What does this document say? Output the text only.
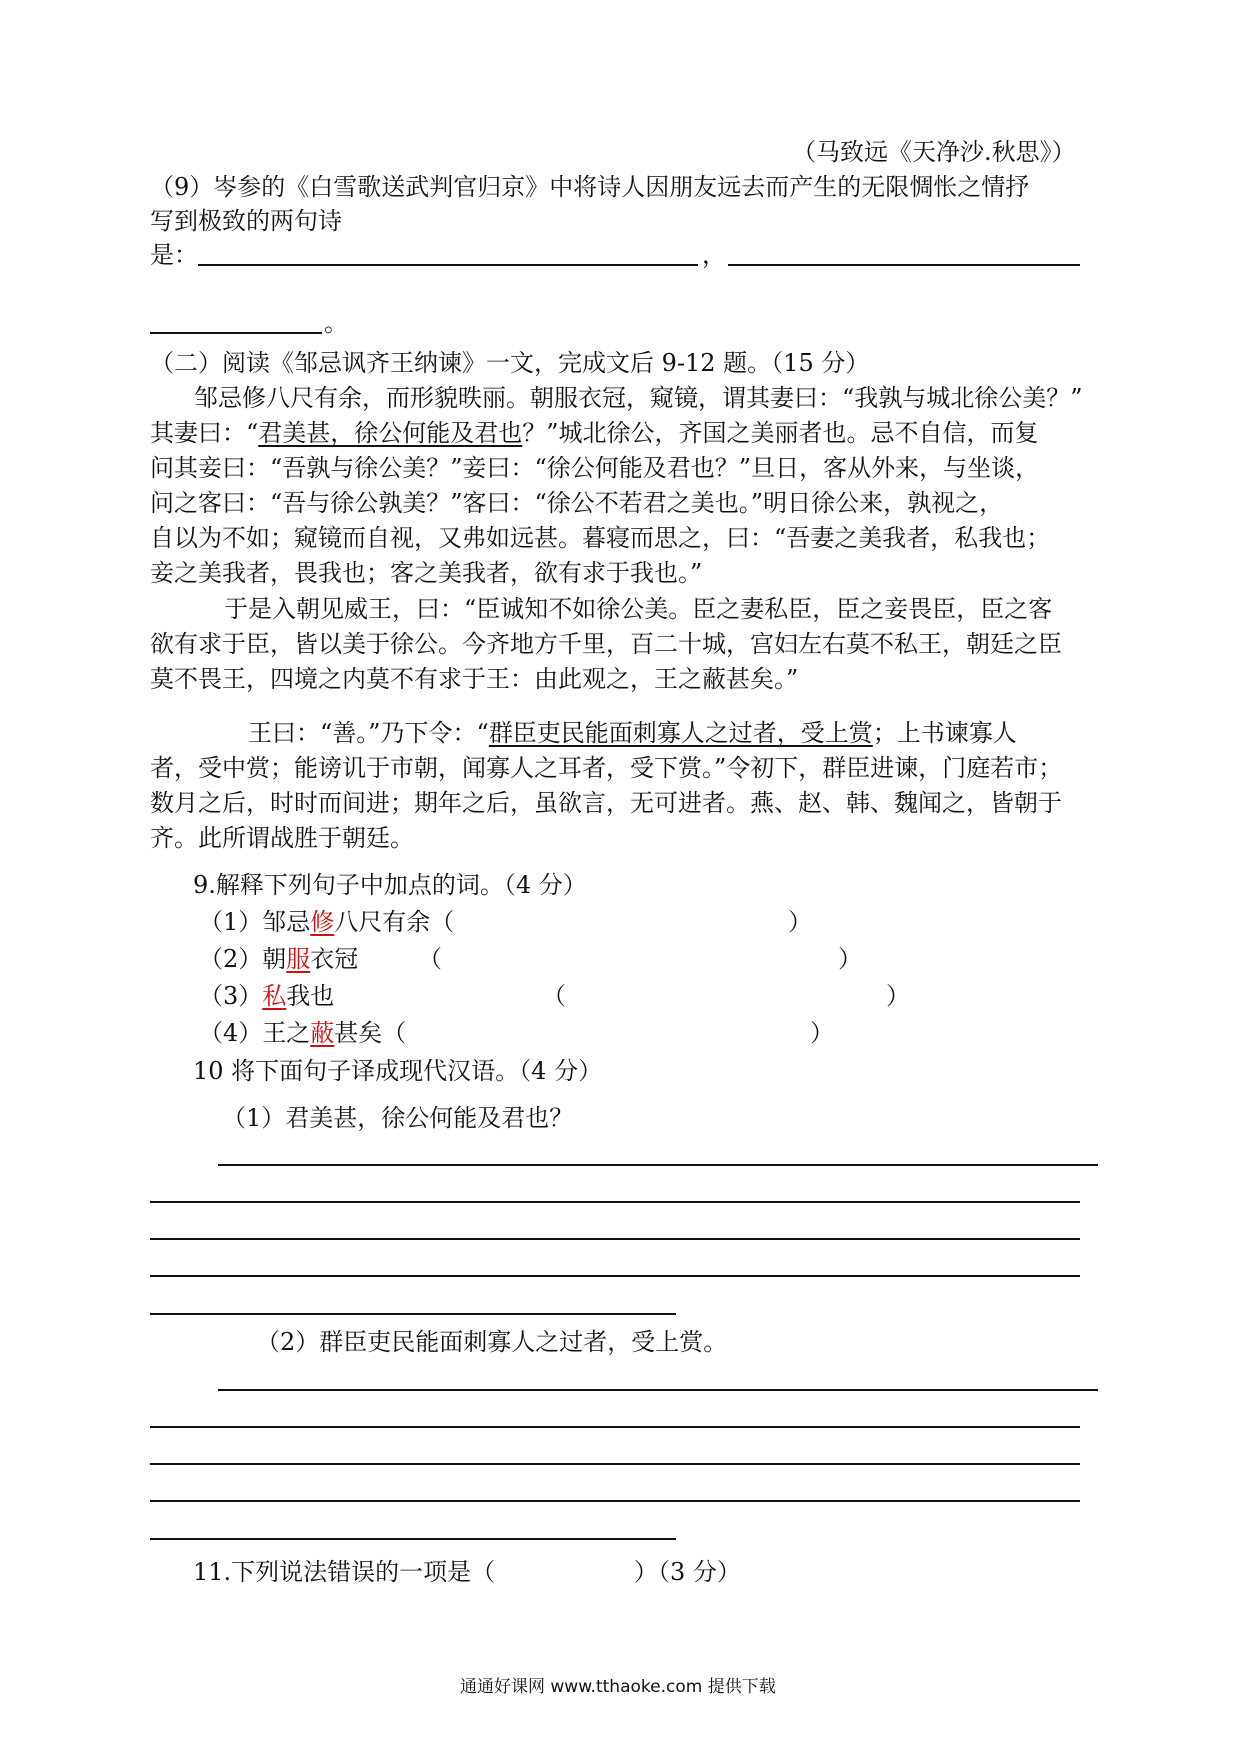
（马致远《天净沙.秋思》）
（9）岑参的《白雪歌送武判官归京》中将诗人因朋友远去而产生的无限惆怅之情抒
写到极致的两句诗
是：	，
。
（二）阅读《邹忌讽齐王纳谏》一文，完成文后 9-12 题。（15 分）
邹忌修八尺有余，而形貌昳丽。朝服衣冠，窥镜，谓其妻曰：“我孰与城北徐公美？”
其妻曰：“君美甚，徐公何能及君也？”城北徐公，齐国之美丽者也。忌不自信，而复
问其妾曰：“吾孰与徐公美？”妾曰：“徐公何能及君也？”旦日，客从外来，与坐谈，
问之客曰：“吾与徐公孰美？”客曰：“徐公不若君之美也。”明日徐公来，孰视之，
自以为不如；窥镜而自视，又弗如远甚。暮寝而思之，曰：“吾妻之美我者，私我也；
妾之美我者，畏我也；客之美我者，欲有求于我也。”
于是入朝见威王，曰：“臣诚知不如徐公美。臣之妻私臣，臣之妾畏臣，臣之客
欲有求于臣，皆以美于徐公。今齐地方千里，百二十城，宫妇左右莫不私王，朝廷之臣
莫不畏王，四境之内莫不有求于王：由此观之，王之蔽甚矣。”
王曰：“善。”乃下令：“群臣吏民能面刺寡人之过者，受上赏；上书谏寡人
者，受中赏；能谤讥于市朝，闻寡人之耳者，受下赏。”令初下，群臣进谏，门庭若市；
数月之后，时时而间进；期年之后，虽欲言，无可进者。燕、赵、韩、魏闻之，皆朝于
齐。此所谓战胜于朝廷。
9.解释下列句子中加点的词。（4 分）
（1）邹忌修八尺有余（	）
（2）朝服衣冠 （	）
（3）私我也	（	）
（4）王之蔽甚矣（	）
10 将下面句子译成现代汉语。（4 分）
（1）君美甚，徐公何能及君也？
（2）群臣吏民能面刺寡人之过者，受上赏。
11.下列说法错误的一项是（	）（3 分）
通通好课网 www.tthaoke.com 提供下载
